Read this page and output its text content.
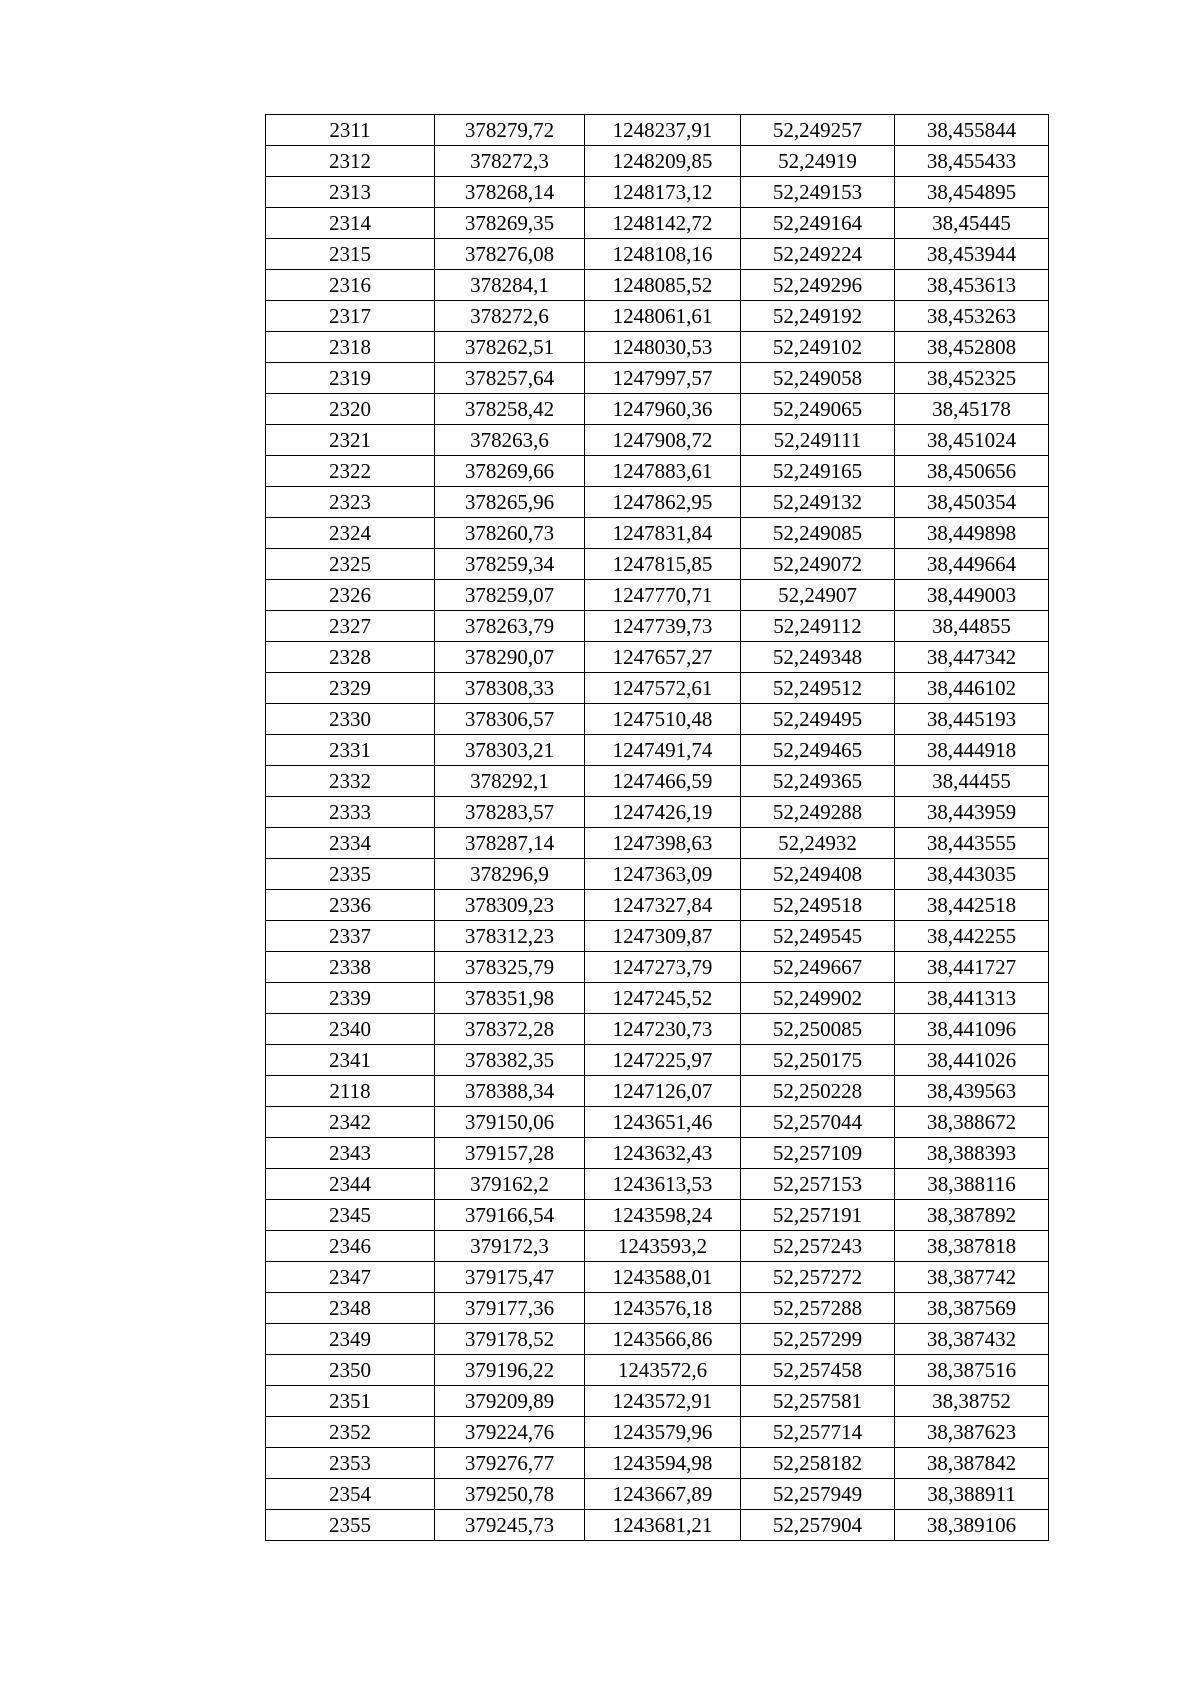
2311	378279,72	1248237,91	52,249257	38,455844
2312	378272,3	1248209,85	52,24919	38,455433
2313	378268,14	1248173,12	52,249153	38,454895
2314	378269,35	1248142,72	52,249164	38,45445
2315	378276,08	1248108,16	52,249224	38,453944
2316	378284,1	1248085,52	52,249296	38,453613
2317	378272,6	1248061,61	52,249192	38,453263
2318	378262,51	1248030,53	52,249102	38,452808
2319	378257,64	1247997,57	52,249058	38,452325
2320	378258,42	1247960,36	52,249065	38,45178
2321	378263,6	1247908,72	52,249111	38,451024
2322	378269,66	1247883,61	52,249165	38,450656
2323	378265,96	1247862,95	52,249132	38,450354
2324	378260,73	1247831,84	52,249085	38,449898
2325	378259,34	1247815,85	52,249072	38,449664
2326	378259,07	1247770,71	52,24907	38,449003
2327	378263,79	1247739,73	52,249112	38,44855
2328	378290,07	1247657,27	52,249348	38,447342
2329	378308,33	1247572,61	52,249512	38,446102
2330	378306,57	1247510,48	52,249495	38,445193
2331	378303,21	1247491,74	52,249465	38,444918
2332	378292,1	1247466,59	52,249365	38,44455
2333	378283,57	1247426,19	52,249288	38,443959
2334	378287,14	1247398,63	52,24932	38,443555
2335	378296,9	1247363,09	52,249408	38,443035
2336	378309,23	1247327,84	52,249518	38,442518
2337	378312,23	1247309,87	52,249545	38,442255
2338	378325,79	1247273,79	52,249667	38,441727
2339	378351,98	1247245,52	52,249902	38,441313
2340	378372,28	1247230,73	52,250085	38,441096
2341	378382,35	1247225,97	52,250175	38,441026
2118	378388,34	1247126,07	52,250228	38,439563
2342	379150,06	1243651,46	52,257044	38,388672
2343	379157,28	1243632,43	52,257109	38,388393
2344	379162,2	1243613,53	52,257153	38,388116
2345	379166,54	1243598,24	52,257191	38,387892
2346	379172,3	1243593,2	52,257243	38,387818
2347	379175,47	1243588,01	52,257272	38,387742
2348	379177,36	1243576,18	52,257288	38,387569
2349	379178,52	1243566,86	52,257299	38,387432
2350	379196,22	1243572,6	52,257458	38,387516
2351	379209,89	1243572,91	52,257581	38,38752
2352	379224,76	1243579,96	52,257714	38,387623
2353	379276,77	1243594,98	52,258182	38,387842
2354	379250,78	1243667,89	52,257949	38,388911
2355	379245,73	1243681,21	52,257904	38,389106
